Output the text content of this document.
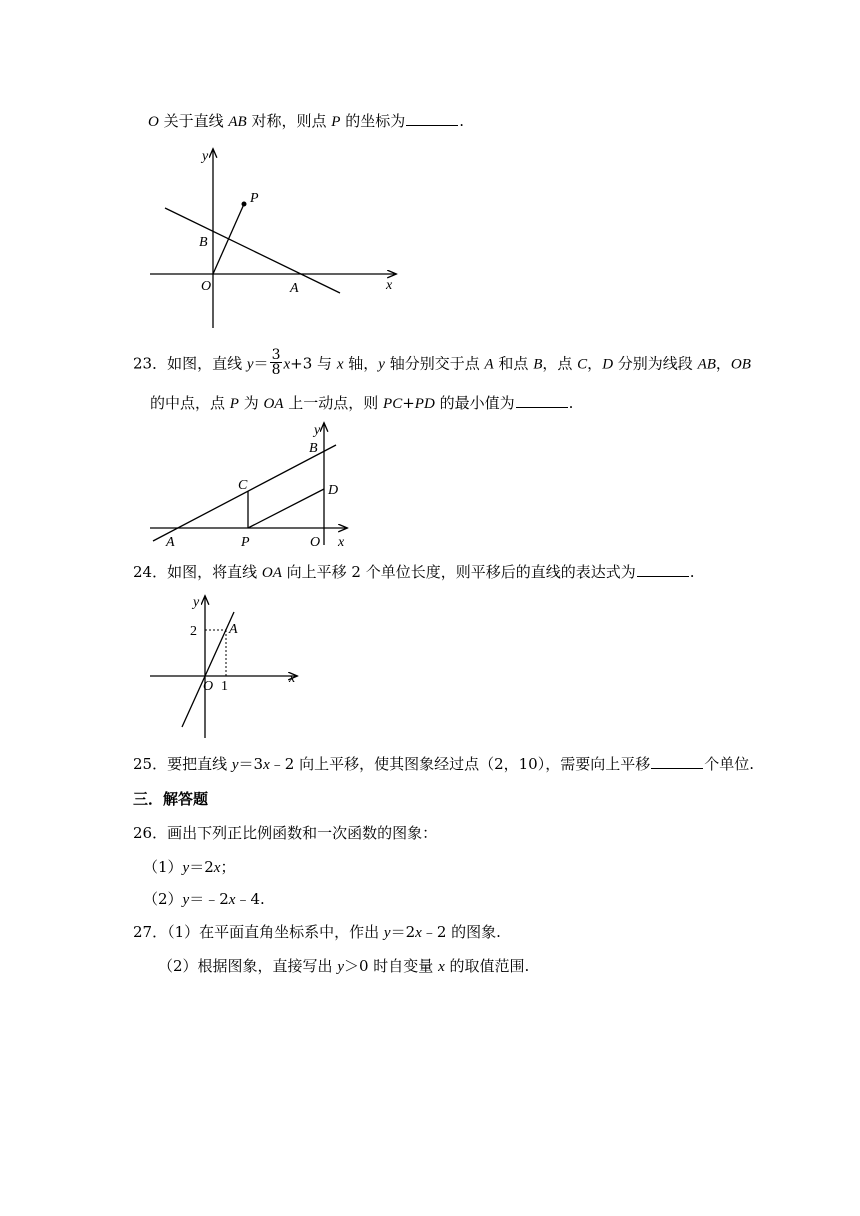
O 关于直线 AB 对称，则点 P 的坐标为	.
y
x
O	A
B
P
23．如图，直线 $y= \frac{3}{8} x+3$ 与 x 轴，y 轴分别交于点 A 和点 B，点 C，D 分别为线段 AB，OB
的中点，点 P 为 OA 上一动点，则 PC+PD 的最小值为	.
y
x
B
C	D
A	P	O
24．如图，将直线 OA 向上平移 2 个单位长度，则平移后的直线的表达式为	.
y
x
A
2
O 1
25．要把直线 y＝3x﹣2 向上平移，使其图象经过点（2，10），需要向上平移	个单位.
三．解答题
26．画出下列正比例函数和一次函数的图象：
（1）y＝2x；
（2）y＝﹣2x﹣4.
27．（1）在平面直角坐标系中，作出 y＝2x﹣2 的图象.
（2）根据图象，直接写出 y＞0 时自变量 x 的取值范围.
